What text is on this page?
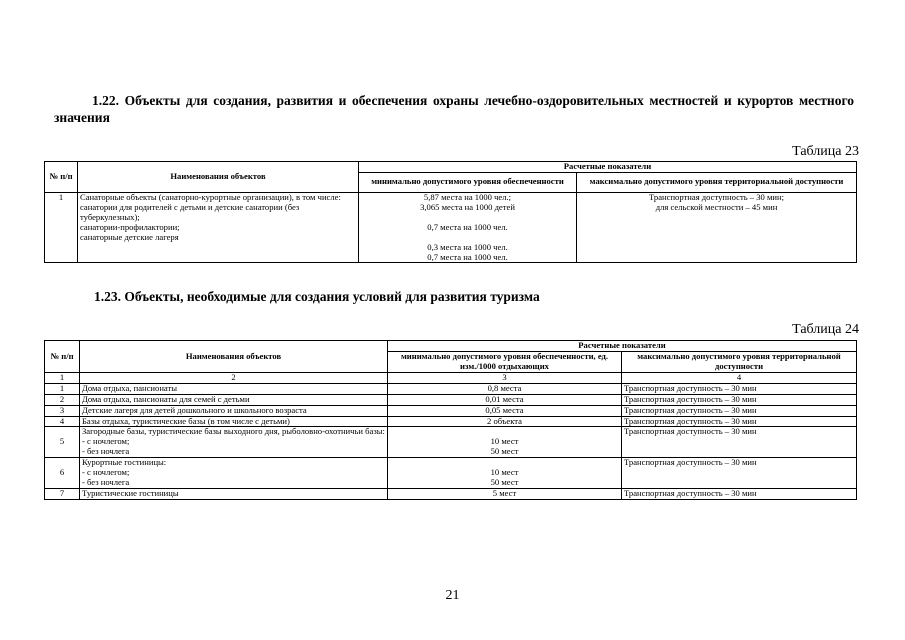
1.22. Объекты для создания, развития и обеспечения охраны лечебно-оздоровительных местностей и курортов местного значения
Таблица 23
№ п/п	Наименования объектов	Расчетные показатели	
		минимально допустимого уровня обеспеченности	максимально допустимого уровня территориальной доступности
1	Санаторные объекты (санаторно-курортные организации), в том числе:
санатории для родителей с детьми и детские санатории (без туберкулезных);
санатории-профилактории;
санаторные детские лагеря	5,87 места на 1000 чел.;
3,065 места на 1000 детей
0,7 места на 1000 чел.
0,3 места на 1000 чел.
0,7 места на 1000 чел.	Транспортная доступность – 30 мин;
для сельской местности – 45 мин
1.23. Объекты, необходимые для создания условий для развития туризма
Таблица 24
№ п/п	Наименования объектов	Расчетные показатели	
		минимально допустимого уровня обеспеченности, ед. изм./1000 отдыхающих	максимально допустимого уровня территориальной доступности
1	2	3	4
1	Дома отдыха, пансионаты	0,8 места	Транспортная доступность – 30 мин
2	Дома отдыха, пансионаты для семей с детьми	0,01 места	Транспортная доступность – 30 мин
3	Детские лагеря для детей дошкольного и школьного возраста	0,05 места	Транспортная доступность – 30 мин
4	Базы отдыха, туристические базы (в том числе с детьми)	2 объекта	Транспортная доступность – 30 мин
5	Загородные базы, туристические базы выходного дня, рыболовно-охотничьи базы:
- с ночлегом;
- без ночлега	10 мест
50 мест	Транспортная доступность – 30 мин
6	Курортные гостиницы:
- с ночлегом;
- без ночлега	10 мест
50 мест	Транспортная доступность – 30 мин
7	Туристические гостиницы	5 мест	Транспортная доступность – 30 мин
21
